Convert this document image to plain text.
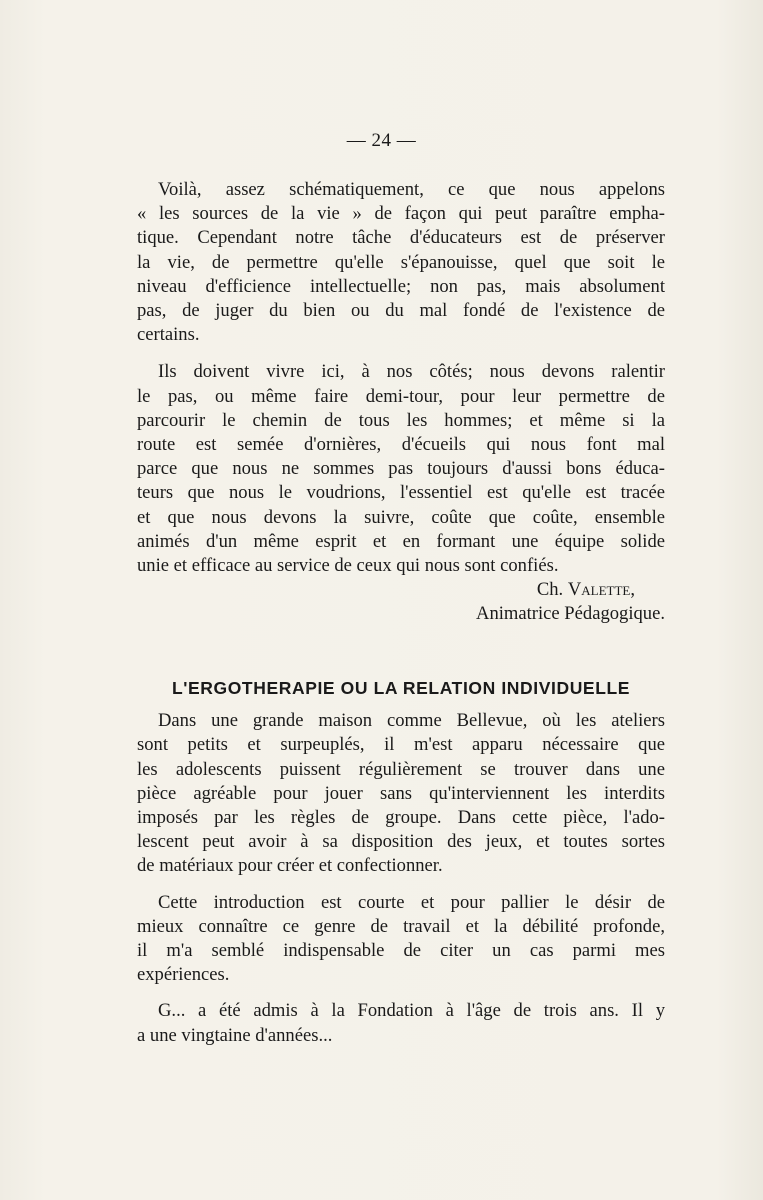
— 24 —

Voilà, assez schématiquement, ce que nous appelons
« les sources de la vie » de façon qui peut paraître empha-
tique. Cependant notre tâche d'éducateurs est de préserver
la vie, de permettre qu'elle s'épanouisse, quel que soit le
niveau d'efficience intellectuelle; non pas, mais absolument
pas, de juger du bien ou du mal fondé de l'existence de
certains.

Ils doivent vivre ici, à nos côtés; nous devons ralentir
le pas, ou même faire demi-tour, pour leur permettre de
parcourir le chemin de tous les hommes; et même si la
route est semée d'ornières, d'écueils qui nous font mal
parce que nous ne sommes pas toujours d'aussi bons éduca-
teurs que nous le voudrions, l'essentiel est qu'elle est tracée
et que nous devons la suivre, coûte que coûte, ensemble
animés d'un même esprit et en formant une équipe solide
unie et efficace au service de ceux qui nous sont confiés.

Ch. Valette,
Animatrice Pédagogique.
L'ERGOTHERAPIE OU LA RELATION INDIVIDUELLE

Dans une grande maison comme Bellevue, où les ateliers
sont petits et surpeuplés, il m'est apparu nécessaire que
les adolescents puissent régulièrement se trouver dans une
pièce agréable pour jouer sans qu'interviennent les interdits
imposés par les règles de groupe. Dans cette pièce, l'ado-
lescent peut avoir à sa disposition des jeux, et toutes sortes
de matériaux pour créer et confectionner.

Cette introduction est courte et pour pallier le désir de
mieux connaître ce genre de travail et la débilité profonde,
il m'a semblé indispensable de citer un cas parmi mes
expériences.

G... a été admis à la Fondation à l'âge de trois ans. Il y
a une vingtaine d'années...
